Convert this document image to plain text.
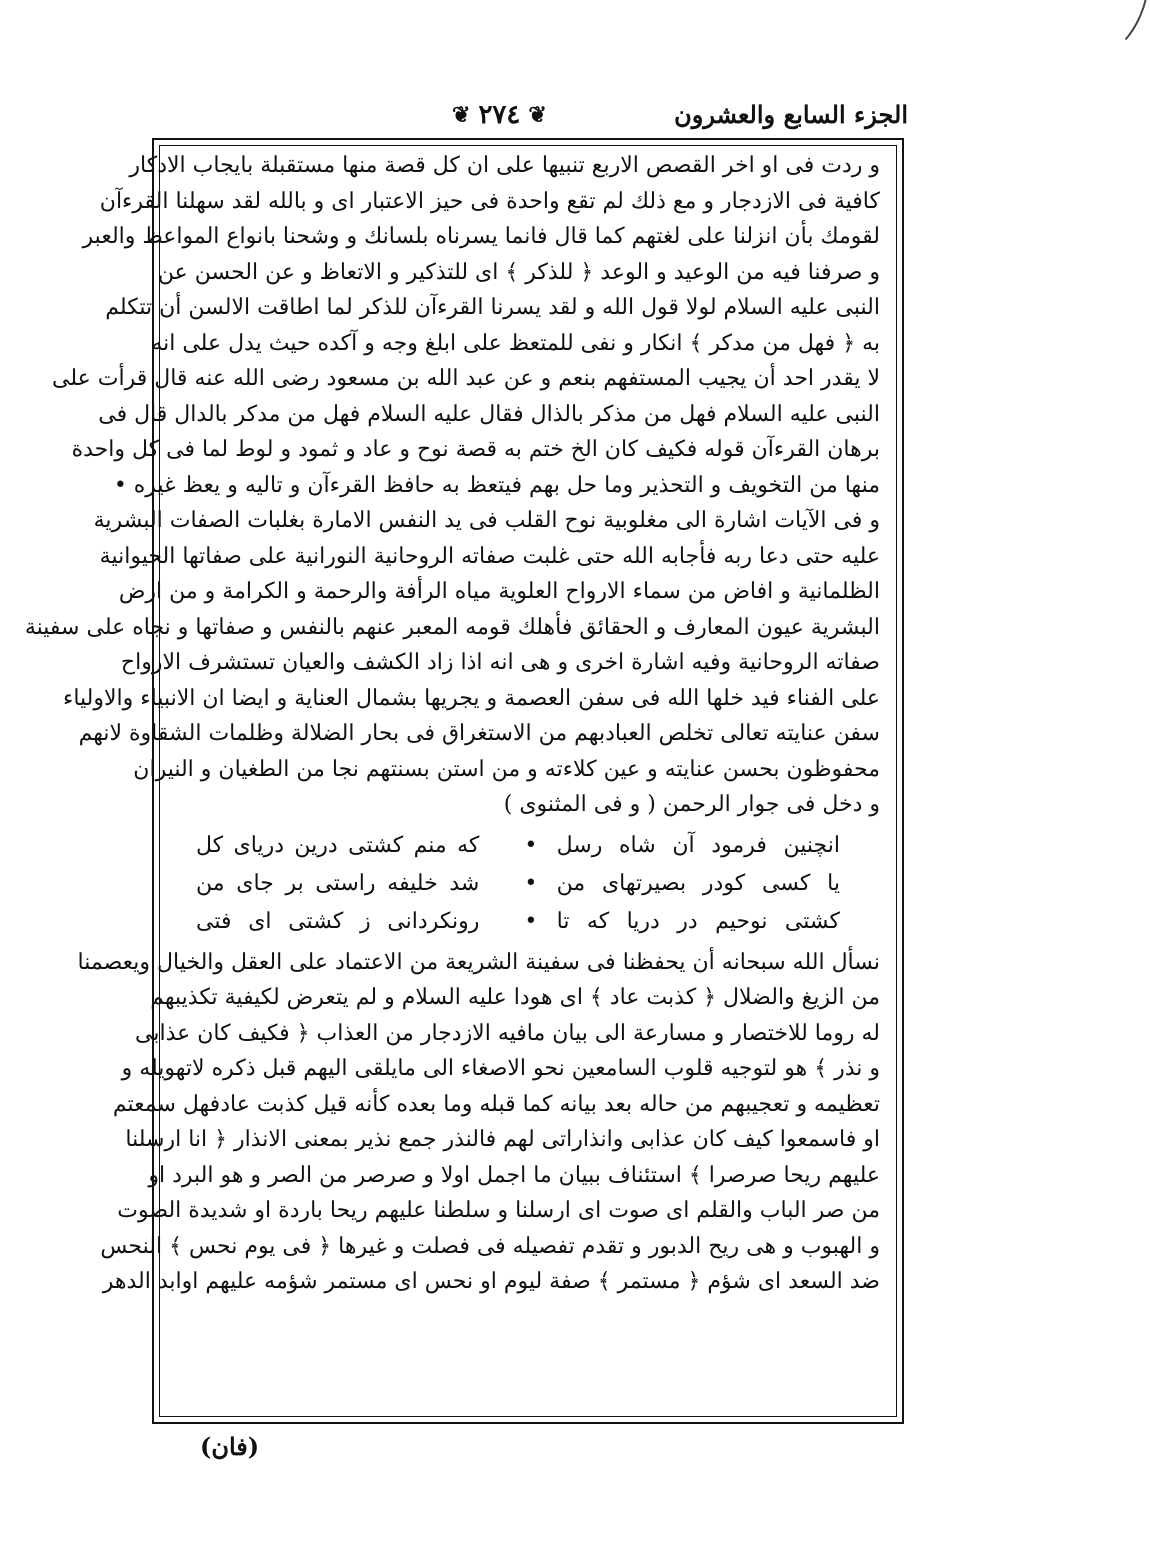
الجزء السابع والعشرون
❦ ٢٧٤ ❦
و ردت فى او اخر القصص الاربع تنبيها على ان كل قصة منها مستقبلة بايجاب الادكار
كافية فى الازدجار و مع ذلك لم تقع واحدة فى حيز الاعتبار اى و بالله لقد سهلنا القرءآن
لقومك بأن انزلنا على لغتهم كما قال فانما يسرناه بلسانك و وشحنا بانواع المواعظ والعبر
و صرفنا فيه من الوعيد و الوعد ﴿ للذكر ﴾ اى للتذكير و الاتعاظ و عن الحسن عن
النبى عليه السلام لولا قول الله و لقد يسرنا القرءآن للذكر لما اطاقت الالسن أن تتكلم
به ﴿ فهل من مدكر ﴾ انكار و نفى للمتعظ على ابلغ وجه و آكده حيث يدل على انه
لا يقدر احد أن يجيب المستفهم بنعم و عن عبد الله بن مسعود رضى الله عنه قال قرأت على
النبى عليه السلام فهل من مذكر بالذال فقال عليه السلام فهل من مدكر بالدال قال فى
برهان القرءآن قوله فكيف كان الخ ختم به قصة نوح و عاد و ثمود و لوط لما فى كل واحدة
منها من التخويف و التحذير وما حل بهم فيتعظ به حافظ القرءآن و تاليه و يعظ غيره •
و فى الآيات اشارة الى مغلوبية نوح القلب فى يد النفس الامارة بغلبات الصفات البشرية
عليه حتى دعا ربه فأجابه الله حتى غلبت صفاته الروحانية النورانية على صفاتها الحيوانية
الظلمانية و افاض من سماء الارواح العلوية مياه الرأفة والرحمة و الكرامة و من ارض
البشرية عيون المعارف و الحقائق فأهلك قومه المعبر عنهم بالنفس و صفاتها و نجاه على سفينة
صفاته الروحانية وفيه اشارة اخرى و هى انه اذا زاد الكشف والعيان تستشرف الارواح
على الفناء فيد خلها الله فى سفن العصمة و يجريها بشمال العناية و ايضا ان الانبياء والاولياء
سفن عنايته تعالى تخلص العبادبهم من الاستغراق فى بحار الضلالة وظلمات الشقاوة لانهم
محفوظون بحسن عنايته و عين كلاءته و من استن بسنتهم نجا من الطغيان و النيران
و دخل فى جوار الرحمن ( و فى المثنوى )
انچنين فرمود آن شاه رسل
•
كه منم كشتى درين درياى كل
يا كسى كودر بصيرتهاى من
•
شد خليفه راستى بر جاى من
كشتى نوحيم در دريا كه تا
•
رونكردانى ز كشتى اى فتى
نسأل الله سبحانه أن يحفظنا فى سفينة الشريعة من الاعتماد على العقل والخيال ويعصمنا
من الزيغ والضلال ﴿ كذبت عاد ﴾ اى هودا عليه السلام و لم يتعرض لكيفية تكذيبهم
له روما للاختصار و مسارعة الى بيان مافيه الازدجار من العذاب ﴿ فكيف كان عذابى
و نذر ﴾ هو لتوجيه قلوب السامعين نحو الاصغاء الى مايلقى اليهم قبل ذكره لاتهويله و
تعظيمه و تعجيبهم من حاله بعد بيانه كما قبله وما بعده كأنه قيل كذبت عادفهل سمعتم
او فاسمعوا كيف كان عذابى وانذاراتى لهم فالنذر جمع نذير بمعنى الانذار ﴿ انا ارسلنا
عليهم ريحا صرصرا ﴾ استئناف ببيان ما اجمل اولا و صرصر من الصر و هو البرد او
من صر الباب والقلم اى صوت اى ارسلنا و سلطنا عليهم ريحا باردة او شديدة الصوت
و الهبوب و هى ريح الدبور و تقدم تفصيله فى فصلت و غيرها ﴿ فى يوم نحس ﴾ النحس
ضد السعد اى شؤم ﴿ مستمر ﴾ صفة ليوم او نحس اى مستمر شؤمه عليهم اوابد الدهر
(فان)
